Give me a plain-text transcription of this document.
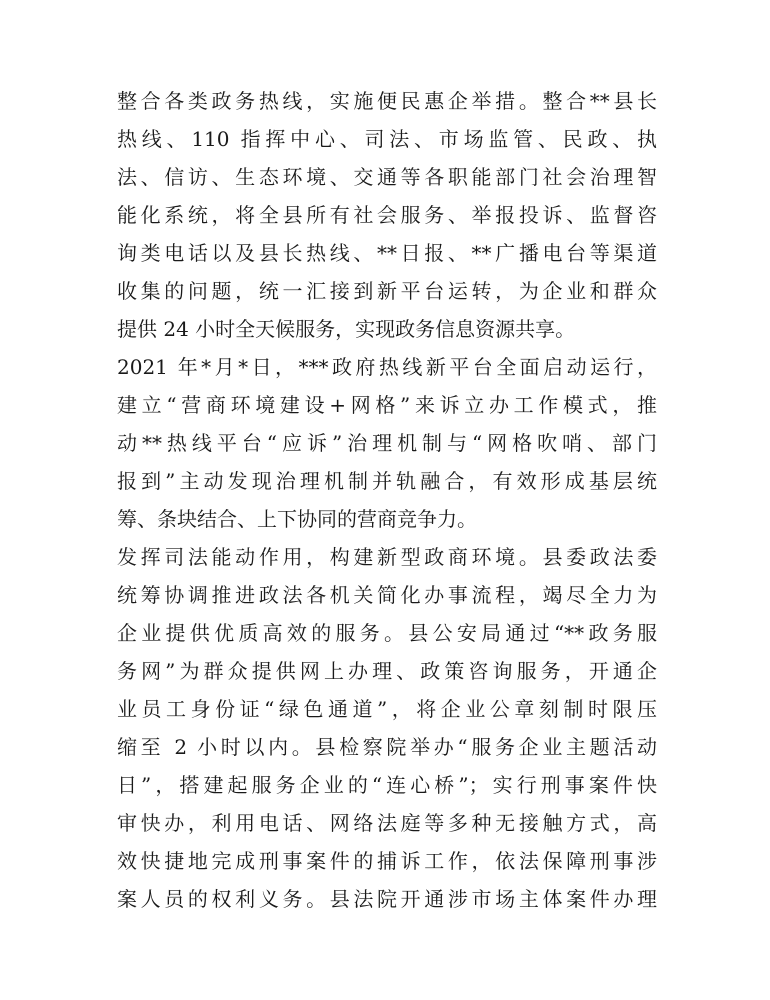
整合各类政务热线，实施便民惠企举措。整合**县长
热线、110 指挥中心、司法、市场监管、民政、执
法、信访、生态环境、交通等各职能部门社会治理智
能化系统，将全县所有社会服务、举报投诉、监督咨
询类电话以及县长热线、**日报、**广播电台等渠道
收集的问题，统一汇接到新平台运转，为企业和群众
提供 24 小时全天候服务，实现政务信息资源共享。
2021 年*月*日，***政府热线新平台全面启动运行，
建立“营商环境建设+网格”来诉立办工作模式，推
动**热线平台“应诉”治理机制与“网格吹哨、部门
报到”主动发现治理机制并轨融合，有效形成基层统
筹、条块结合、上下协同的营商竞争力。
发挥司法能动作用，构建新型政商环境。县委政法委
统筹协调推进政法各机关简化办事流程，竭尽全力为
企业提供优质高效的服务。县公安局通过“**政务服
务网”为群众提供网上办理、政策咨询服务，开通企
业员工身份证“绿色通道”，将企业公章刻制时限压
缩至 2 小时以内。县检察院举办“服务企业主题活动
日”，搭建起服务企业的“连心桥”；实行刑事案件快
审快办，利用电话、网络法庭等多种无接触方式，高
效快捷地完成刑事案件的捕诉工作，依法保障刑事涉
案人员的权利义务。县法院开通涉市场主体案件办理
